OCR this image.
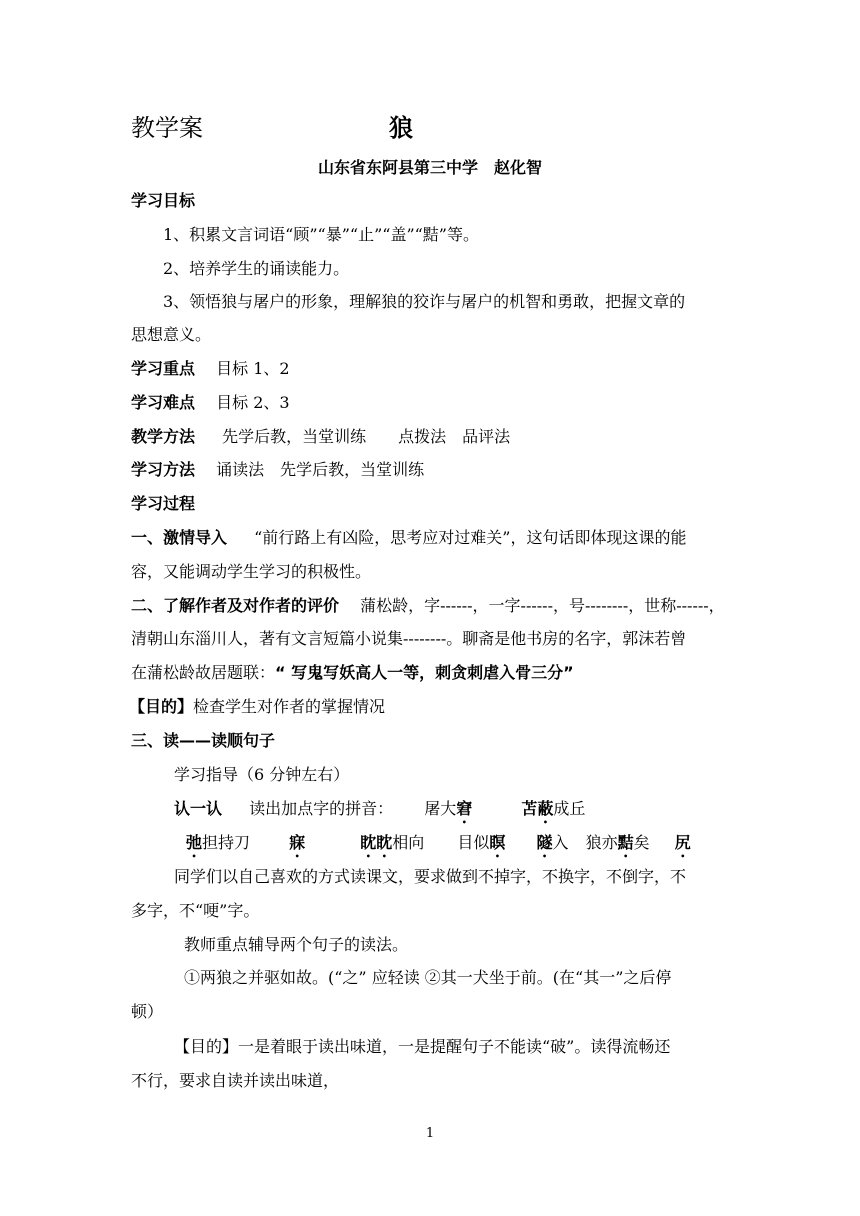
教学案	狼
山东省东阿县第三中学　赵化智
学习目标
1、积累文言词语“顾”“暴”“止”“盖”“黠”等。
2、培养学生的诵读能力。
3、领悟狼与屠户的形象，理解狼的狡诈与屠户的机智和勇敢，把握文章的
思想意义。
学习重点 目标 1、2
学习难点 目标 2、3
教学方法 先学后教，当堂训练　　点拨法　品评法
学习方法 诵读法　先学后教，当堂训练
学习过程
一、激情导入 “前行路上有凶险，思考应对过难关”，这句话即体现这课的能
容，又能调动学生学习的积极性。
二、了解作者及对作者的评价 蒲松龄，字------，一字------，号--------，世称------，
清朝山东淄川人，著有文言短篇小说集--------。聊斋是他书房的名字，郭沫若曾
在蒲松龄故居题联：“ 写鬼写妖高人一等，刺贪刺虐入骨三分”
【目的】检查学生对作者的掌握情况
三、读——读顺句子
学习指导（6 分钟左右）
认一认 读出加点字的拼音： 屠大窘	苫蔽成丘
弛担持刀 寐	眈眈相向 目似瞑 隧入 狼亦黠矣 尻
同学们以自己喜欢的方式读课文，要求做到不掉字，不换字，不倒字，不
多字，不“哽”字。
教师重点辅导两个句子的读法。
①两狼之并驱如故。(“之” 应轻读 ②其一犬坐于前。(在“其一”之后停
顿）
【目的】一是着眼于读出味道，一是提醒句子不能读“破”。读得流畅还
不行，要求自读并读出味道，
1
